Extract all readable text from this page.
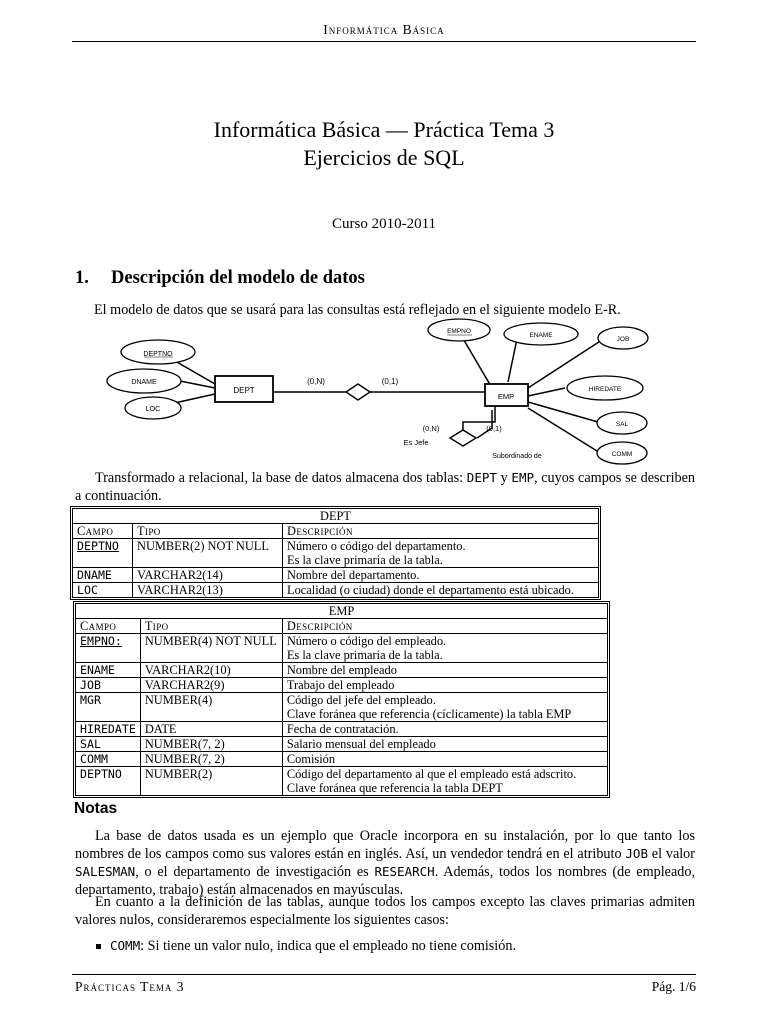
Informática Básica
Informática Básica — Práctica Tema 3
Ejercicios de SQL
Curso 2010-2011
1. Descripción del modelo de datos
El modelo de datos que se usará para las consultas está reflejado en el siguiente modelo E-R.
DEPTNO
DNAME
LOC
DEPT
(0,N)	(0,1)
EMP
(0,N)	(0,1)
Es Jefe
Subordinado de
EMPNO
ENAME
JOB
HIREDATE
SAL
COMM
Transformado a relacional, la base de datos almacena dos tablas: DEPT y EMP, cuyos campos se describen a continuación.
DEPT		
Campo	Tipo	Descripción
DEPTNO	NUMBER(2) NOT NULL	Número o código del departamento.
Es la clave primaria de la tabla.

DNAME	VARCHAR2(14)	Nombre del departamento.
LOC	VARCHAR2(13)	Localidad (o ciudad) donde el departamento está ubicado.
EMP		
Campo	Tipo	Descripción
EMPNO:	NUMBER(4) NOT NULL	Número o código del empleado.
Es la clave primaria de la tabla.

ENAME	VARCHAR2(10)	Nombre del empleado
JOB	VARCHAR2(9)	Trabajo del empleado
MGR	NUMBER(4)	Código del jefe del empleado.
Clave foránea que referencia (cíclicamente) la tabla EMP

HIREDATE	DATE	Fecha de contratación.
SAL	NUMBER(7, 2)	Salario mensual del empleado
COMM	NUMBER(7, 2)	Comisión
DEPTNO	NUMBER(2)	Código del departamento al que el empleado está adscrito.
Clave foránea que referencia la tabla DEPT
Notas
La base de datos usada es un ejemplo que Oracle incorpora en su instalación, por lo que tanto los nombres de los campos como sus valores están en inglés. Así, un vendedor tendrá en el atributo JOB el valor SALESMAN, o el departamento de investigación es RESEARCH. Además, todos los nombres (de empleado, departamento, trabajo) están almacenados en mayúsculas.
En cuanto a la definición de las tablas, aunque todos los campos excepto las claves primarias admiten valores nulos, consideraremos especialmente los siguientes casos:
COMM: Si tiene un valor nulo, indica que el empleado no tiene comisión.
Prácticas Tema 3	Pág. 1/6
